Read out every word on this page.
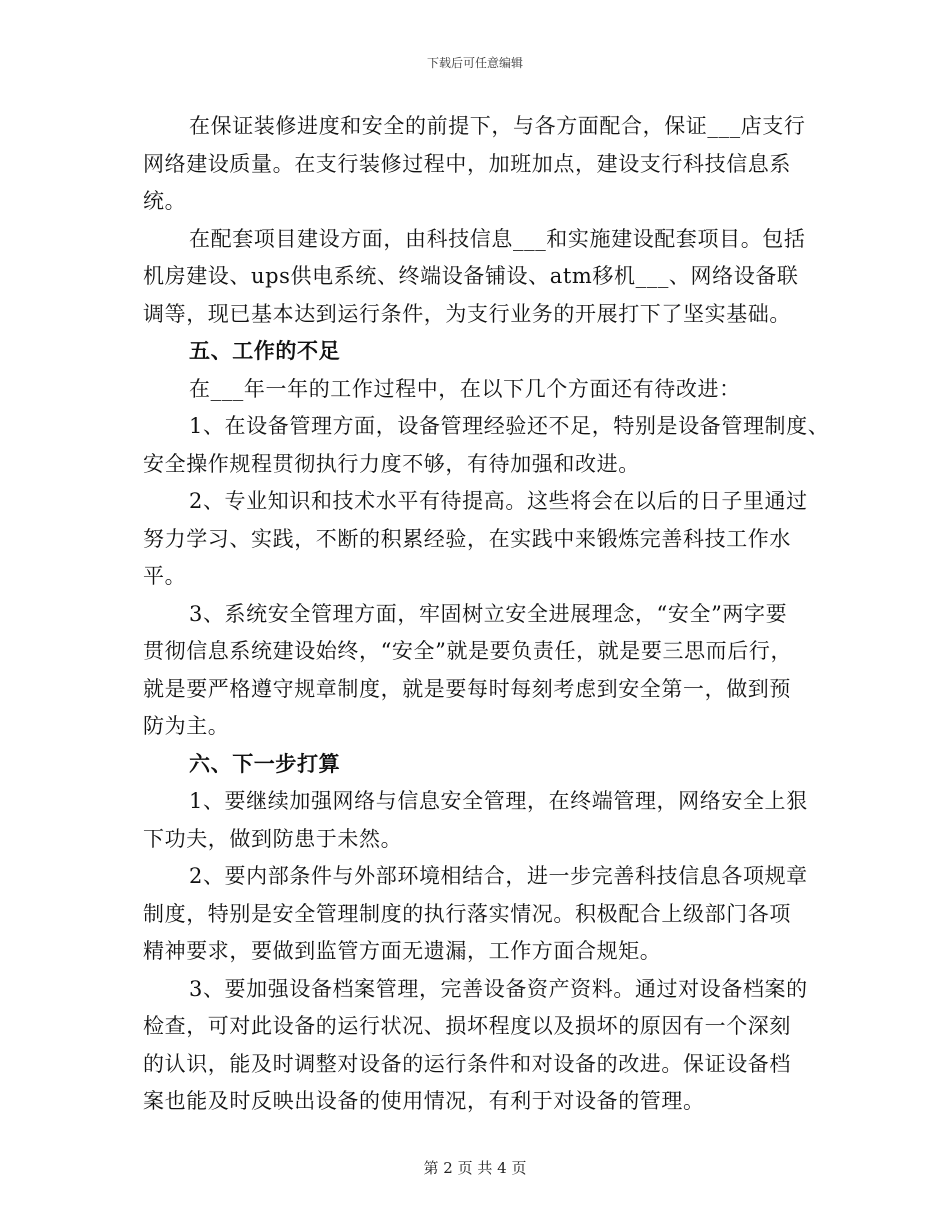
下载后可任意编辑
在保证装修进度和安全的前提下，与各方面配合，保证___店支行
网络建设质量。在支行装修过程中，加班加点，建设支行科技信息系
统。
在配套项目建设方面，由科技信息___和实施建设配套项目。包括
机房建设、ups供电系统、终端设备铺设、atm移机___、网络设备联
调等，现已基本达到运行条件，为支行业务的开展打下了坚实基础。
五、工作的不足
在___年一年的工作过程中，在以下几个方面还有待改进：
1、在设备管理方面，设备管理经验还不足，特别是设备管理制度、
安全操作规程贯彻执行力度不够，有待加强和改进。
2、专业知识和技术水平有待提高。这些将会在以后的日子里通过
努力学习、实践，不断的积累经验，在实践中来锻炼完善科技工作水
平。
3、系统安全管理方面，牢固树立安全进展理念，“安全”两字要
贯彻信息系统建设始终，“安全”就是要负责任，就是要三思而后行，
就是要严格遵守规章制度，就是要每时每刻考虑到安全第一，做到预
防为主。
六、下一步打算
1、要继续加强网络与信息安全管理，在终端管理，网络安全上狠
下功夫，做到防患于未然。
2、要内部条件与外部环境相结合，进一步完善科技信息各项规章
制度，特别是安全管理制度的执行落实情况。积极配合上级部门各项
精神要求，要做到监管方面无遗漏，工作方面合规矩。
3、要加强设备档案管理，完善设备资产资料。通过对设备档案的
检查，可对此设备的运行状况、损坏程度以及损坏的原因有一个深刻
的认识，能及时调整对设备的运行条件和对设备的改进。保证设备档
案也能及时反映出设备的使用情况，有利于对设备的管理。
第 2 页 共 4 页
